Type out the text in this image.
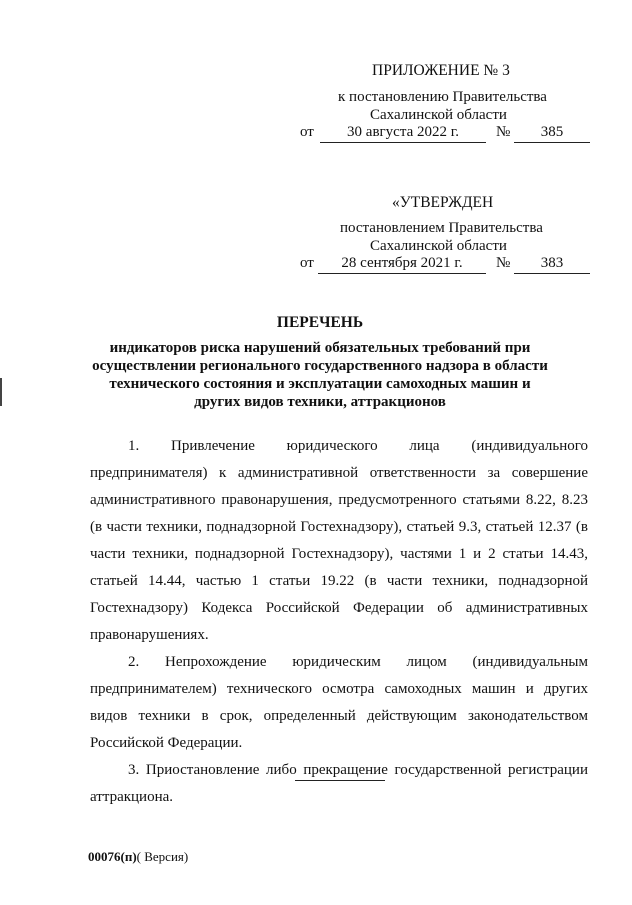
ПРИЛОЖЕНИЕ № 3
к постановлению Правительства
Сахалинской области
от	30 августа 2022 г.	№	385
«УТВЕРЖДЕН
постановлением Правительства
Сахалинской области
от	28 сентября 2021 г.	№	383
ПЕРЕЧЕНЬ
индикаторов риска нарушений обязательных требований при осуществлении регионального государственного надзора в области технического состояния и эксплуатации самоходных машин и других видов техники, аттракционов

1. Привлечение юридического лица (индивидуального предпринимателя) к административной ответственности за совершение административного правонарушения, предусмотренного статьями 8.22, 8.23 (в части техники, поднадзорной Гостехнадзору), статьей 9.3, статьей 12.37 (в части техники, поднадзорной Гостехнадзору), частями 1 и 2 статьи 14.43, статьей 14.44, частью 1 статьи 19.22 (в части техники, поднадзорной Гостехнадзору) Кодекса Российской Федерации об административных правонарушениях.

2. Непрохождение юридическим лицом (индивидуальным предпринимателем) технического осмотра самоходных машин и других видов техники в срок, определенный действующим законодательством Российской Федерации.

3. Приостановление либо прекращение государственной регистрации аттракциона.

00076(п)( Версия)
